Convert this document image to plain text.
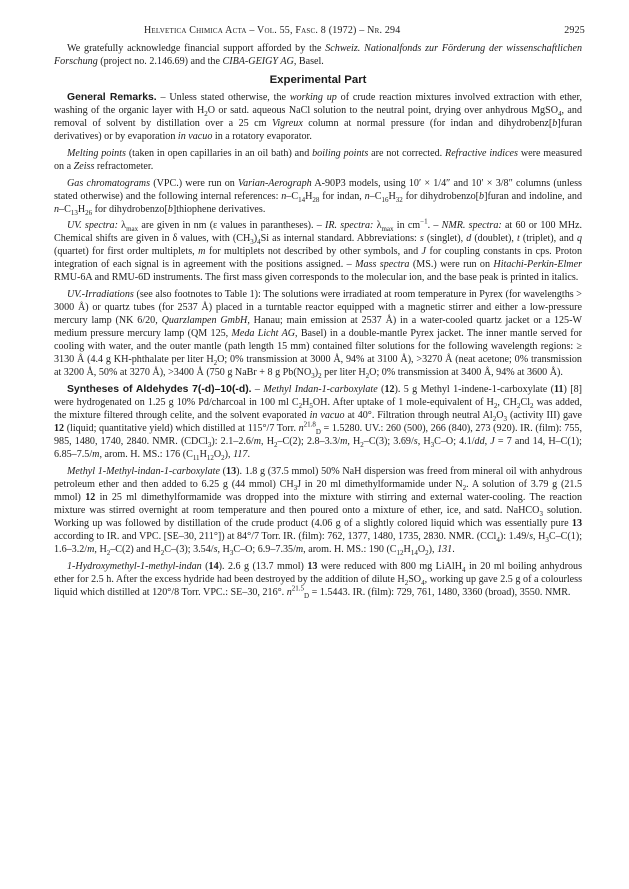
Helvetica Chimica Acta – Vol. 55, Fasc. 8 (1972) – Nr. 294	2925

We gratefully acknowledge financial support afforded by the Schweiz. Nationalfonds zur Förderung der wissenschaftlichen Forschung (project no. 2.146.69) and the CIBA-GEIGY AG, Basel.

Experimental Part

General Remarks. – Unless stated otherwise, the working up of crude reaction mixtures involved extraction with ether, washing of the organic layer with $H_2O$ or satd. aqueous NaCl solution to the neutral point, drying over anhydrous MgSO$_4$, and removal of solvent by distillation over a 25 cm Vigreux column at normal pressure (for indan and dihydrobenz[b]furan derivatives) or by evaporation in vacuo in a rotatory evaporator.

Melting points (taken in open capillaries in an oil bath) and boiling points are not corrected. Refractive indices were measured on a Zeiss refractometer.

Gas chromatograms (VPC.) were run on Varian-Aerograph A-90P3 models, using 10′ × 1/4″ and 10′ × 3/8″ columns (unless stated otherwise) and the following internal references: $n-C_{14}H_{28}$ for indan, $n-C_{16}H_{32}$ for dihydrobenzo[b]furan and indoline, and $n-C_{13}H_{26}$ for dihydrobenzo[b]thiophene derivatives.

UV. spectra: $\lambda_{max}$ are given in nm (ε values in parantheses). – IR. spectra: $\lambda_{max}$ in $cm^{-1}$. – NMR. spectra: at 60 or 100 MHz. Chemical shifts are given in δ values, with $(CH_3)_4Si$ as internal standard. Abbreviations: s (singlet), d (doublet), t (triplet), and q (quartet) for first order multiplets, m for multiplets not described by other symbols, and J for coupling constants in cps. Proton integration of each signal is in agreement with the positions assigned. – Mass spectra (MS.) were run on Hitachi-Perkin-Elmer RMU-6A and RMU-6D instruments. The first mass given corresponds to the molecular ion, and the base peak is printed in italics.

UV.-Irradiations (see also footnotes to Table 1): The solutions were irradiated at room temperature in Pyrex (for wavelengths > 3000 Å) or quartz tubes (for 2537 Å) placed in a turntable reactor equipped with a magnetic stirrer and either a low-pressure mercury lamp (NK 6/20, Quarzlampen GmbH, Hanau; main emission at 2537 Å) in a water-cooled quartz jacket or a 125-W medium pressure mercury lamp (QM 125, Meda Licht AG, Basel) in a double-mantle Pyrex jacket. The inner mantle served for cooling with water, and the outer mantle (path length 15 mm) contained filter solutions for the following wavelength regions: ≥ 3130 Å (4.4 g KH-phthalate per liter $H_2O$; 0% transmission at 3000 Å, 94% at 3100 Å), >3270 Å (neat acetone; 0% transmission at 3200 Å, 50% at 3270 Å), >3400 Å (750 g NaBr + 8 g $Pb(NO_3)_2$ per liter $H_2O$; 0% transmission at 3400 Å, 94% at 3600 Å).

Syntheses of Aldehydes 7(-d)–10(-d). – Methyl Indan-1-carboxylate (12). 5 g Methyl 1-indene-1-carboxylate (11) [8] were hydrogenated on 1.25 g 10% Pd/charcoal in 100 ml $C_2H_5OH$. After uptake of 1 mole-equivalent of $H_2$, $CH_2Cl_2$ was added, the mixture filtered through celite, and the solvent evaporated in vacuo at 40°. Filtration through neutral $Al_2O_3$ (activity III) gave 12 (liquid; quantitative yield) which distilled at 115°/7 Torr. $n^{21.8}_D = 1.5280$. UV.: 260 (500), 266 (840), 273 (920). IR. (film): 755, 985, 1480, 1740, 2840. NMR. (CDCl$_3$): 2.1–2.6/m, $H_2-C(2)$; 2.8–3.3/m, $H_2-C(3)$; 3.69/s, $H_3C-O$; 4.1/dd, J = 7 and 14, H–C(1); 6.85–7.5/m, arom. H. MS.: 176 $(C_{11}H_{12}O_2)$, 117.

Methyl 1-Methyl-indan-1-carboxylate (13). 1.8 g (37.5 mmol) 50% NaH dispersion was freed from mineral oil with anhydrous petroleum ether and then added to 6.25 g (44 mmol) $CH_3J$ in 20 ml dimethylformamide under $N_2$. A solution of 3.79 g (21.5 mmol) 12 in 25 ml dimethylformamide was dropped into the mixture with stirring and external water-cooling. The reaction mixture was stirred overnight at room temperature and then poured onto a mixture of ether, ice, and satd. NaHCO$_3$ solution. Working up was followed by distillation of the crude product (4.06 g of a slightly colored liquid which was essentially pure 13 according to IR. and VPC. [SE–30, 211°]) at 84°/7 Torr. IR. (film): 762, 1377, 1480, 1735, 2830. NMR. (CCl$_4$): 1.49/s, $H_3C-C(1)$; 1.6–3.2/m, $H_2-C(2)$ and $H_2C-(3)$; 3.54/s, $H_3C-O$; 6.9–7.35/m, arom. H. MS.: 190 $(C_{12}H_{14}O_2)$, 131.

1-Hydroxymethyl-1-methyl-indan (14). 2.6 g (13.7 mmol) 13 were reduced with 800 mg LiAlH$_4$ in 20 ml boiling anhydrous ether for 2.5 h. After the excess hydride had been destroyed by the addition of dilute $H_2SO_4$, working up gave 2.5 g of a colourless liquid which distilled at 120°/8 Torr. VPC.: SE–30, 216°. $n^{21.5}_D = 1.5443$. IR. (film): 729, 761, 1480, 3360 (broad), 3550. NMR.
